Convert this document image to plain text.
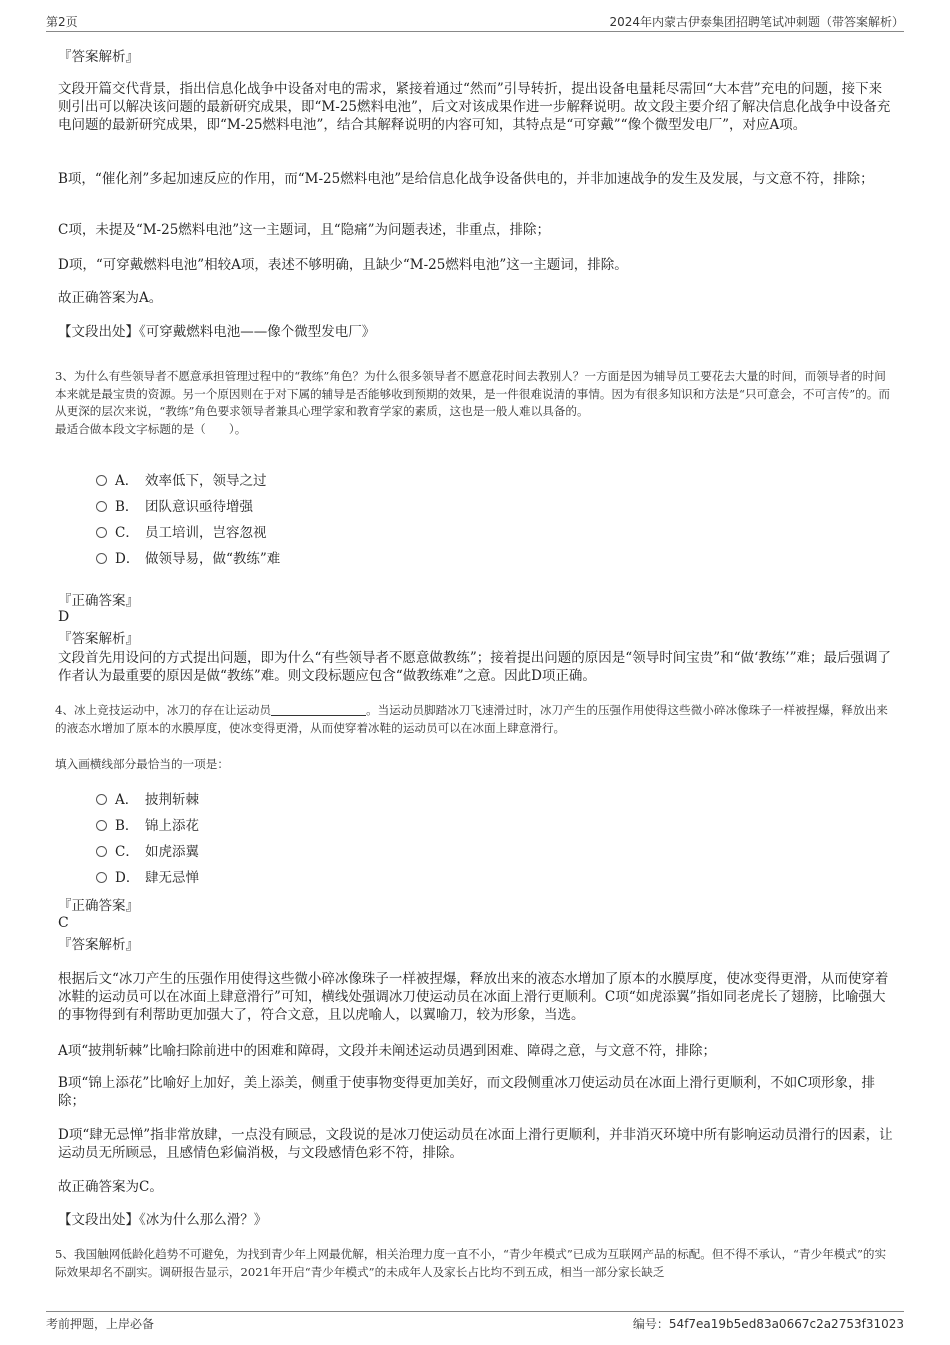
第2页	2024年内蒙古伊泰集团招聘笔试冲刺题（带答案解析）

『答案解析』

文段开篇交代背景，指出信息化战争中设备对电的需求，紧接着通过“然而”引导转折，提出设备电量耗尽需回“大本营”充电的问题，接下来则引出可以解决该问题的最新研究成果，即“M-25燃料电池”，后文对该成果作进一步解释说明。故文段主要介绍了解决信息化战争中设备充电问题的最新研究成果，即“M-25燃料电池”，结合其解释说明的内容可知，其特点是“可穿戴”“像个微型发电厂”，对应A项。

B项，“催化剂”多起加速反应的作用，而“M-25燃料电池”是给信息化战争设备供电的，并非加速战争的发生及发展，与文意不符，排除；

C项，未提及“M-25燃料电池”这一主题词，且“隐痛”为问题表述，非重点，排除；

D项，“可穿戴燃料电池”相较A项，表述不够明确，且缺少“M-25燃料电池”这一主题词，排除。

故正确答案为A。

【文段出处】《可穿戴燃料电池——像个微型发电厂》

3、为什么有些领导者不愿意承担管理过程中的“教练”角色？为什么很多领导者不愿意花时间去教别人？一方面是因为辅导员工要花去大量的时间，而领导者的时间本来就是最宝贵的资源。另一个原因则在于对下属的辅导是否能够收到预期的效果，是一件很难说清的事情。因为有很多知识和方法是“只可意会，不可言传”的。而从更深的层次来说，“教练”角色要求领导者兼具心理学家和教育学家的素质，这也是一般人难以具备的。

最适合做本段文字标题的是（　　）。

A． 效率低下，领导之过
B． 团队意识亟待增强
C． 员工培训，岂容忽视
D． 做领导易，做“教练”难

『正确答案』

D

『答案解析』

文段首先用设问的方式提出问题，即为什么“有些领导者不愿意做教练”；接着提出问题的原因是“领导时间宝贵”和“做‘教练’”难；最后强调了作者认为最重要的原因是做“教练”难。则文段标题应包含“做教练难”之意。因此D项正确。

4、冰上竞技运动中，冰刀的存在让运动员	。当运动员脚踏冰刀飞速滑过时，冰刀产生的压强作用使得这些微小碎冰像珠子一样被捏爆，释放出来的液态水增加了原本的水膜厚度，使冰变得更滑，从而使穿着冰鞋的运动员可以在冰面上肆意滑行。

填入画横线部分最恰当的一项是：

A． 披荆斩棘
B． 锦上添花
C． 如虎添翼
D． 肆无忌惮

『正确答案』

C

『答案解析』

根据后文“冰刀产生的压强作用使得这些微小碎冰像珠子一样被捏爆，释放出来的液态水增加了原本的水膜厚度，使冰变得更滑，从而使穿着冰鞋的运动员可以在冰面上肆意滑行”可知，横线处强调冰刀使运动员在冰面上滑行更顺利。C项“如虎添翼”指如同老虎长了翅膀，比喻强大的事物得到有利帮助更加强大了，符合文意，且以虎喻人，以翼喻刀，较为形象，当选。

A项“披荆斩棘”比喻扫除前进中的困难和障碍，文段并未阐述运动员遇到困难、障碍之意，与文意不符，排除；

B项“锦上添花”比喻好上加好，美上添美，侧重于使事物变得更加美好，而文段侧重冰刀使运动员在冰面上滑行更顺利，不如C项形象，排除；

D项“肆无忌惮”指非常放肆，一点没有顾忌，文段说的是冰刀使运动员在冰面上滑行更顺利，并非消灭环境中所有影响运动员滑行的因素，让运动员无所顾忌，且感情色彩偏消极，与文段感情色彩不符，排除。

故正确答案为C。

【文段出处】《冰为什么那么滑？》

5、我国触网低龄化趋势不可避免，为找到青少年上网最优解，相关治理力度一直不小，“青少年模式”已成为互联网产品的标配。但不得不承认，“青少年模式”的实际效果却名不副实。调研报告显示，2021年开启“青少年模式”的未成年人及家长占比均不到五成，相当一部分家长缺乏

考前押题，上岸必备	编号：54f7ea19b5ed83a0667c2a2753f31023
